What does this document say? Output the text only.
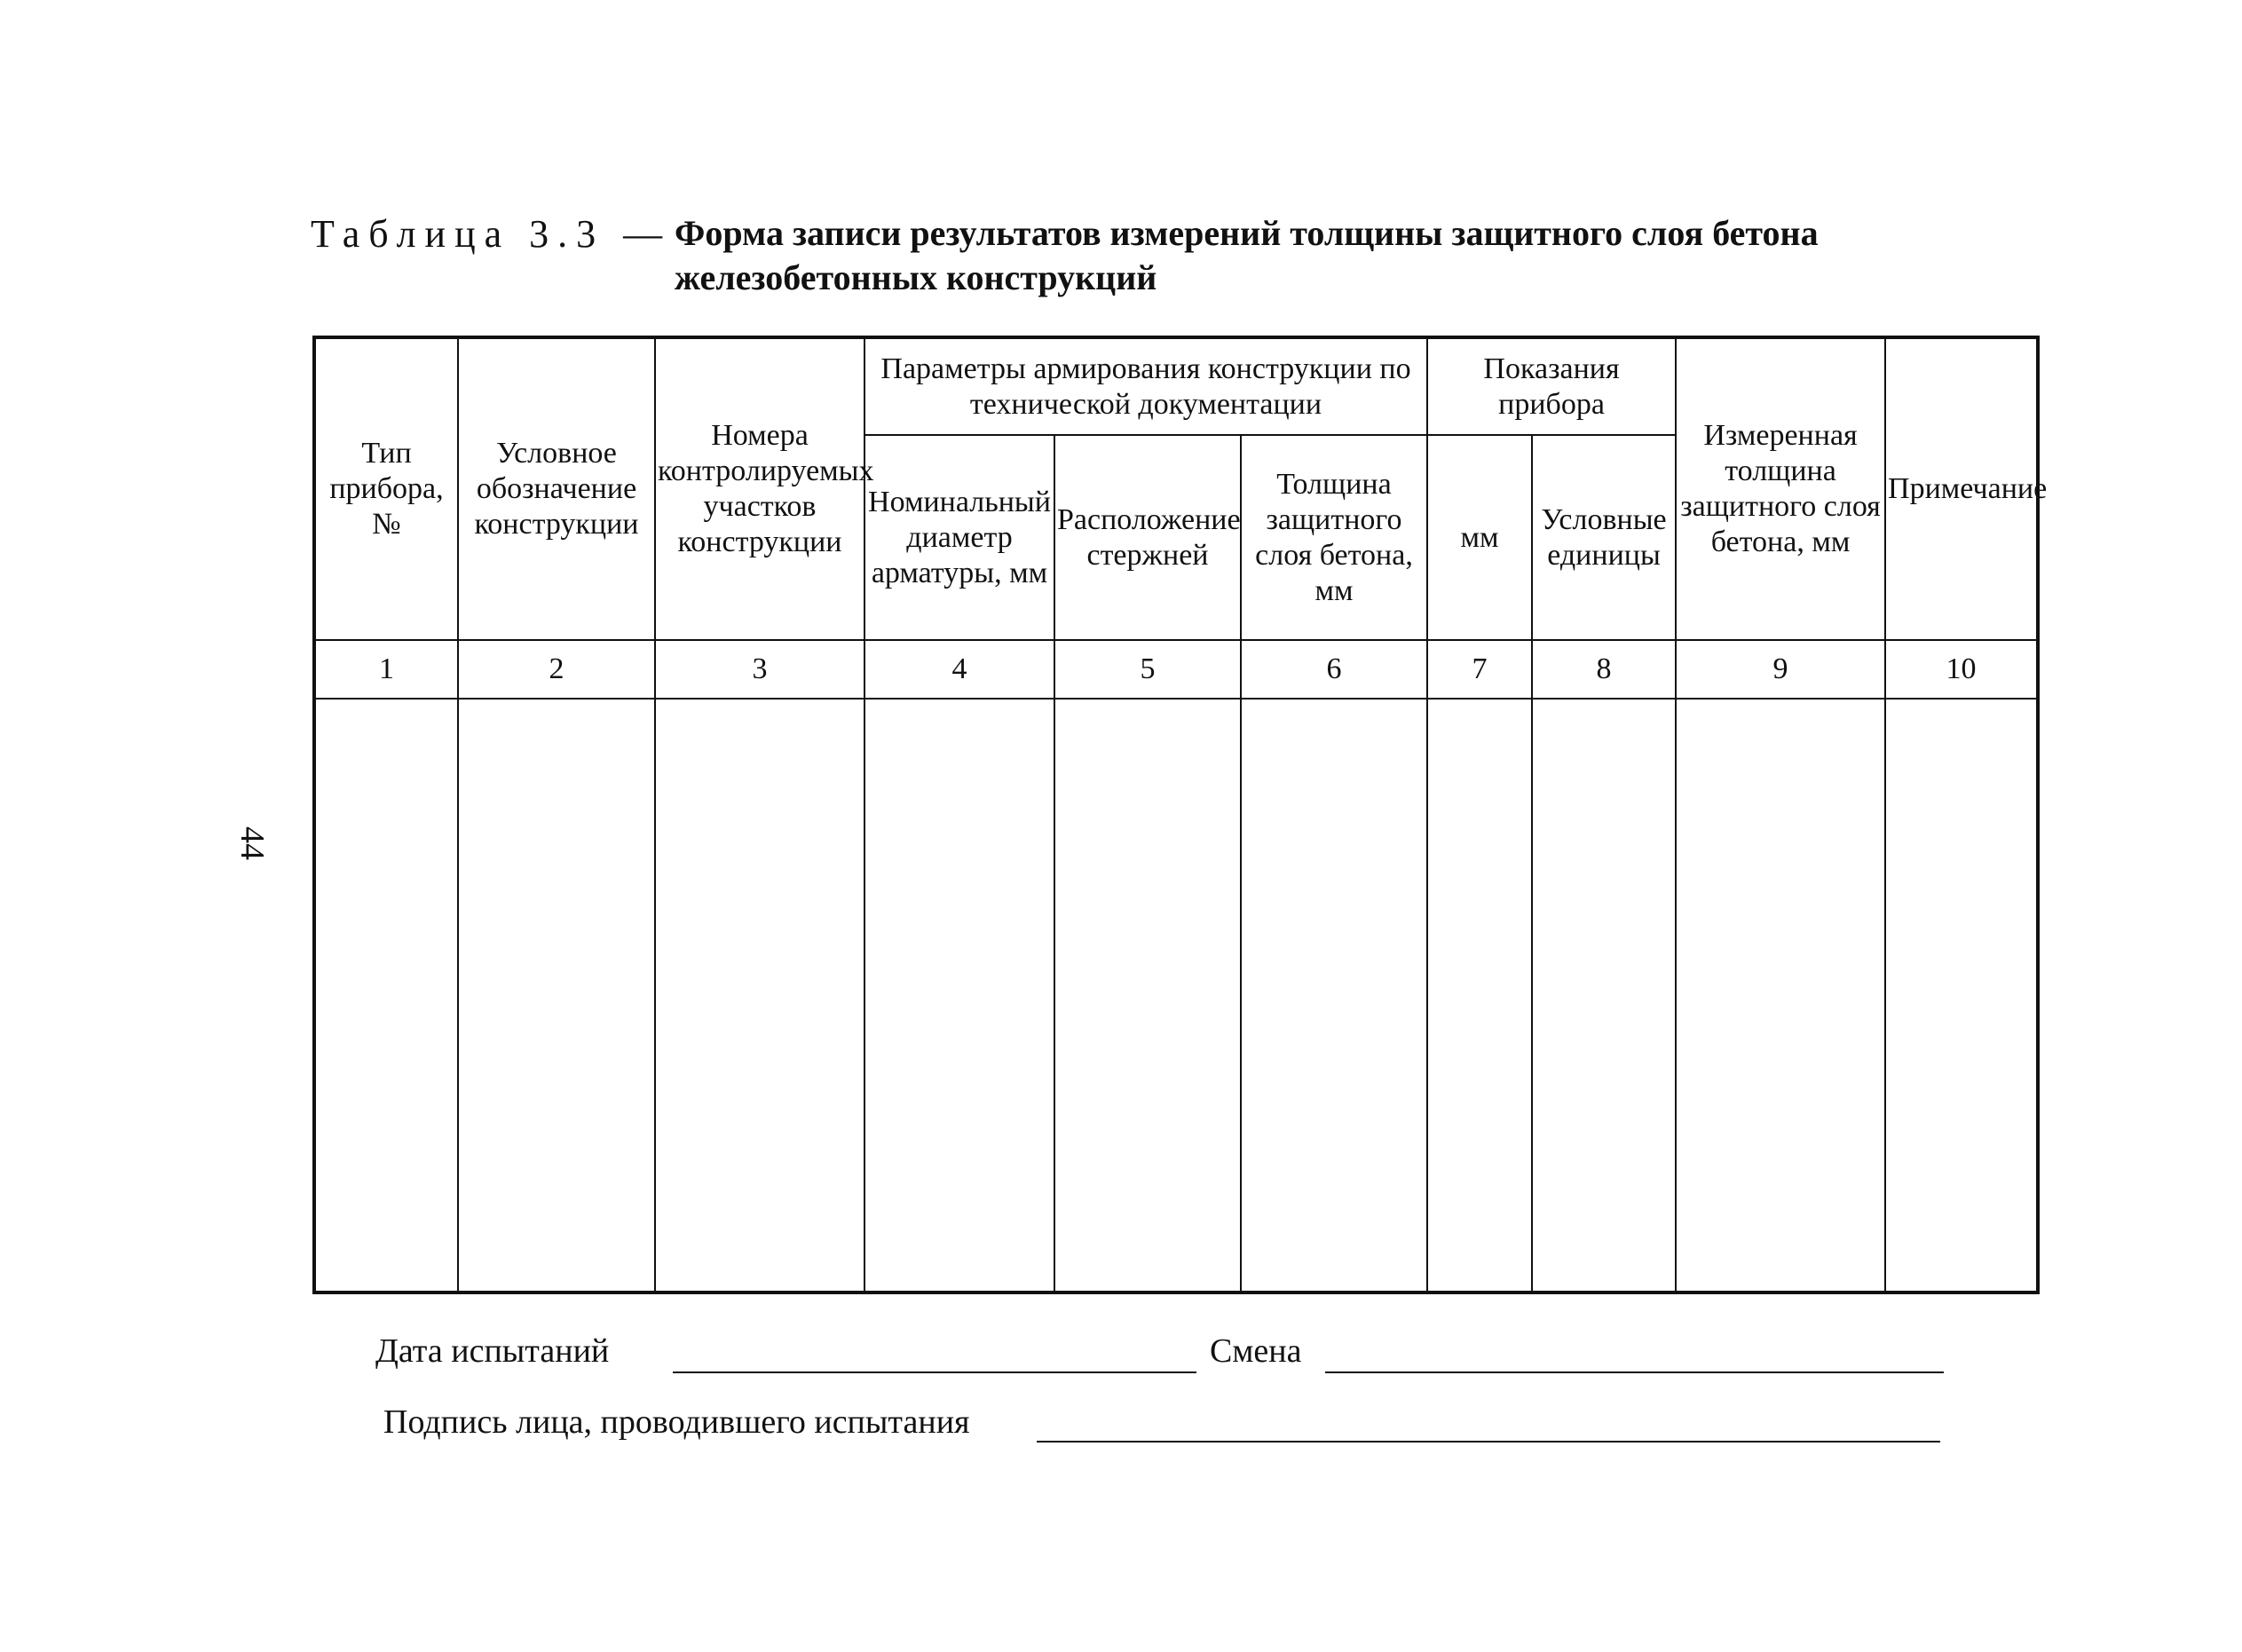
Таблица 3.3 — Форма записи результатов измерений толщины защитного слоя бетона железобетонных конструкций
Тип прибора, №	Условное обозначение конструкции	Номера контролируемых участков конструкции	Параметры армирования конструкции по технической документации			Показания прибора		Измеренная толщина защитного слоя бетона, мм	Примечание
			Номинальный диаметр арматуры, мм	Расположение стержней	Толщина защитного слоя бетона, мм	мм	Условные единицы		
1	2	3	4	5	6	7	8	9	10

44
Дата испытаний	Смена
Подпись лица, проводившего испытания
